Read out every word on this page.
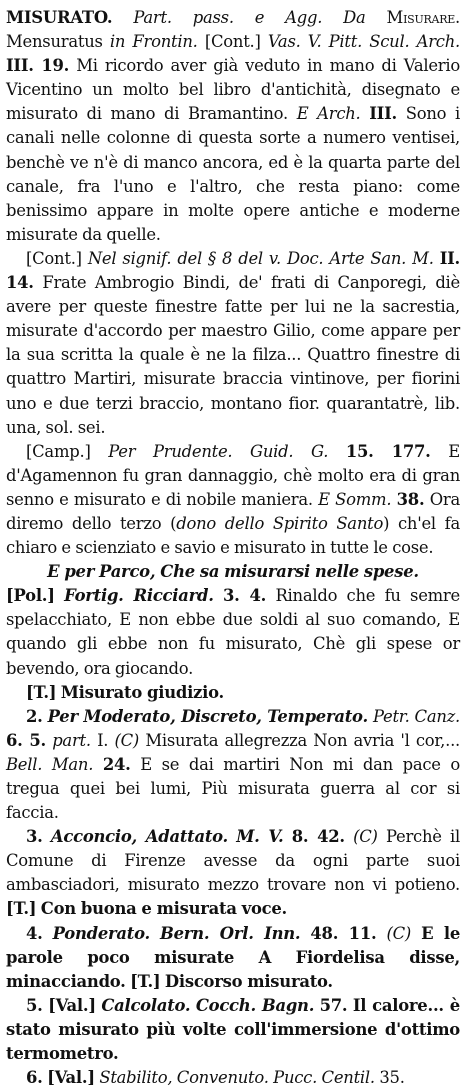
MISURATO. Part. pass. e Agg. Da Misurare. Mensuratus in Frontin. [Cont.] Vas. V. Pitt. Scul. Arch. III. 19. Mi ricordo aver già veduto in mano di Valerio Vicentino un molto bel libro d'antichità, disegnato e misurato di mano di Bramantino. E Arch. III. Sono i canali nelle colonne di questa sorte a numero ventisei, benchè ve n'è di manco ancora, ed è la quarta parte del canale, fra l'uno e l'altro, che resta piano: come benissimo appare in molte opere antiche e moderne misurate da quelle.

[Cont.] Nel signif. del § 8 del v. Doc. Arte San. M. II. 14. Frate Ambrogio Bindi, de' frati di Canporegi, diè avere per queste finestre fatte per lui ne la sacrestia, misurate d'accordo per maestro Gilio, come appare per la sua scritta la quale è ne la filza... Quattro finestre di quattro Martiri, misurate braccia vintinove, per fiorini uno e due terzi braccio, montano fior. quarantatrè, lib. una, sol. sei.

[Camp.] Per Prudente. Guid. G. 15. 177. E d'Agamennon fu gran dannaggio, chè molto era di gran senno e misurato e di nobile maniera. E Somm. 38. Ora diremo dello terzo (dono dello Spirito Santo) ch'el fa chiaro e scienziato e savio e misurato in tutte le cose.

E per Parco, Che sa misurarsi nelle spese.

[Pol.] Fortig. Ricciard. 3. 4. Rinaldo che fu semre spelacchiato, E non ebbe due soldi al suo comando, E quando gli ebbe non fu misurato, Chè gli spese or bevendo, ora giocando.

[T.] Misurato giudizio.

2. Per Moderato, Discreto, Temperato. Petr. Canz. 6. 5. part. I. (C) Misurata allegrezza Non avria 'l cor,... Bell. Man. 24. E se dai martiri Non mi dan pace o tregua quei bei lumi, Più misurata guerra al cor si faccia.

3. Acconcio, Adattato. M. V. 8. 42. (C) Perchè il Comune di Firenze avesse da ogni parte suoi ambasciadori, misurato mezzo trovare non vi potieno. [T.] Con buona e misurata voce.

4. Ponderato. Bern. Orl. Inn. 48. 11. (C) E le parole poco misurate A Fiordelisa disse, minacciando. [T.] Discorso misurato.

5. [Val.] Calcolato. Cocch. Bagn. 57. Il calore... è stato misurato più volte coll'immersione d'ottimo termometro.

6. [Val.] Stabilito, Convenuto. Pucc. Centil. 35.
